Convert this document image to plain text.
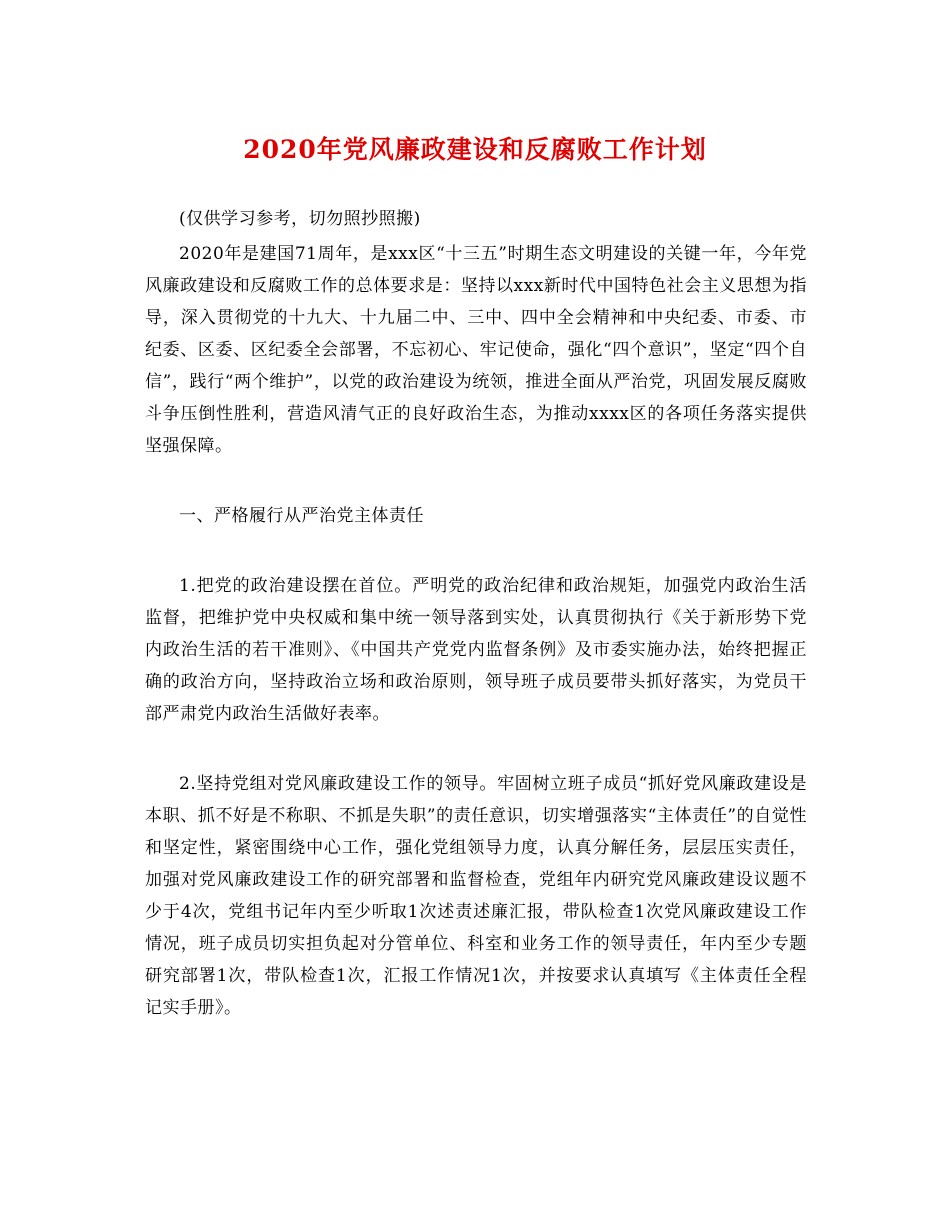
2020年党风廉政建设和反腐败工作计划

(仅供学习参考，切勿照抄照搬)

2020年是建国71周年，是xxx区“十三五”时期生态文明建设的关键一年，今年党风廉政建设和反腐败工作的总体要求是：坚持以xxx新时代中国特色社会主义思想为指导，深入贯彻党的十九大、十九届二中、三中、四中全会精神和中央纪委、市委、市纪委、区委、区纪委全会部署，不忘初心、牢记使命，强化“四个意识”，坚定“四个自信”，践行“两个维护”，以党的政治建设为统领，推进全面从严治党，巩固发展反腐败斗争压倒性胜利，营造风清气正的良好政治生态，为推动xxxx区的各项任务落实提供坚强保障。

一、严格履行从严治党主体责任

1.把党的政治建设摆在首位。严明党的政治纪律和政治规矩，加强党内政治生活监督，把维护党中央权威和集中统一领导落到实处，认真贯彻执行《关于新形势下党内政治生活的若干准则》、《中国共产党党内监督条例》及市委实施办法，始终把握正确的政治方向，坚持政治立场和政治原则，领导班子成员要带头抓好落实，为党员干部严肃党内政治生活做好表率。

2.坚持党组对党风廉政建设工作的领导。牢固树立班子成员“抓好党风廉政建设是本职、抓不好是不称职、不抓是失职”的责任意识，切实增强落实“主体责任”的自觉性和坚定性，紧密围绕中心工作，强化党组领导力度，认真分解任务，层层压实责任，加强对党风廉政建设工作的研究部署和监督检查，党组年内研究党风廉政建设议题不少于4次，党组书记年内至少听取1次述责述廉汇报，带队检查1次党风廉政建设工作情况，班子成员切实担负起对分管单位、科室和业务工作的领导责任，年内至少专题研究部署1次，带队检查1次，汇报工作情况1次，并按要求认真填写《主体责任全程记实手册》。
